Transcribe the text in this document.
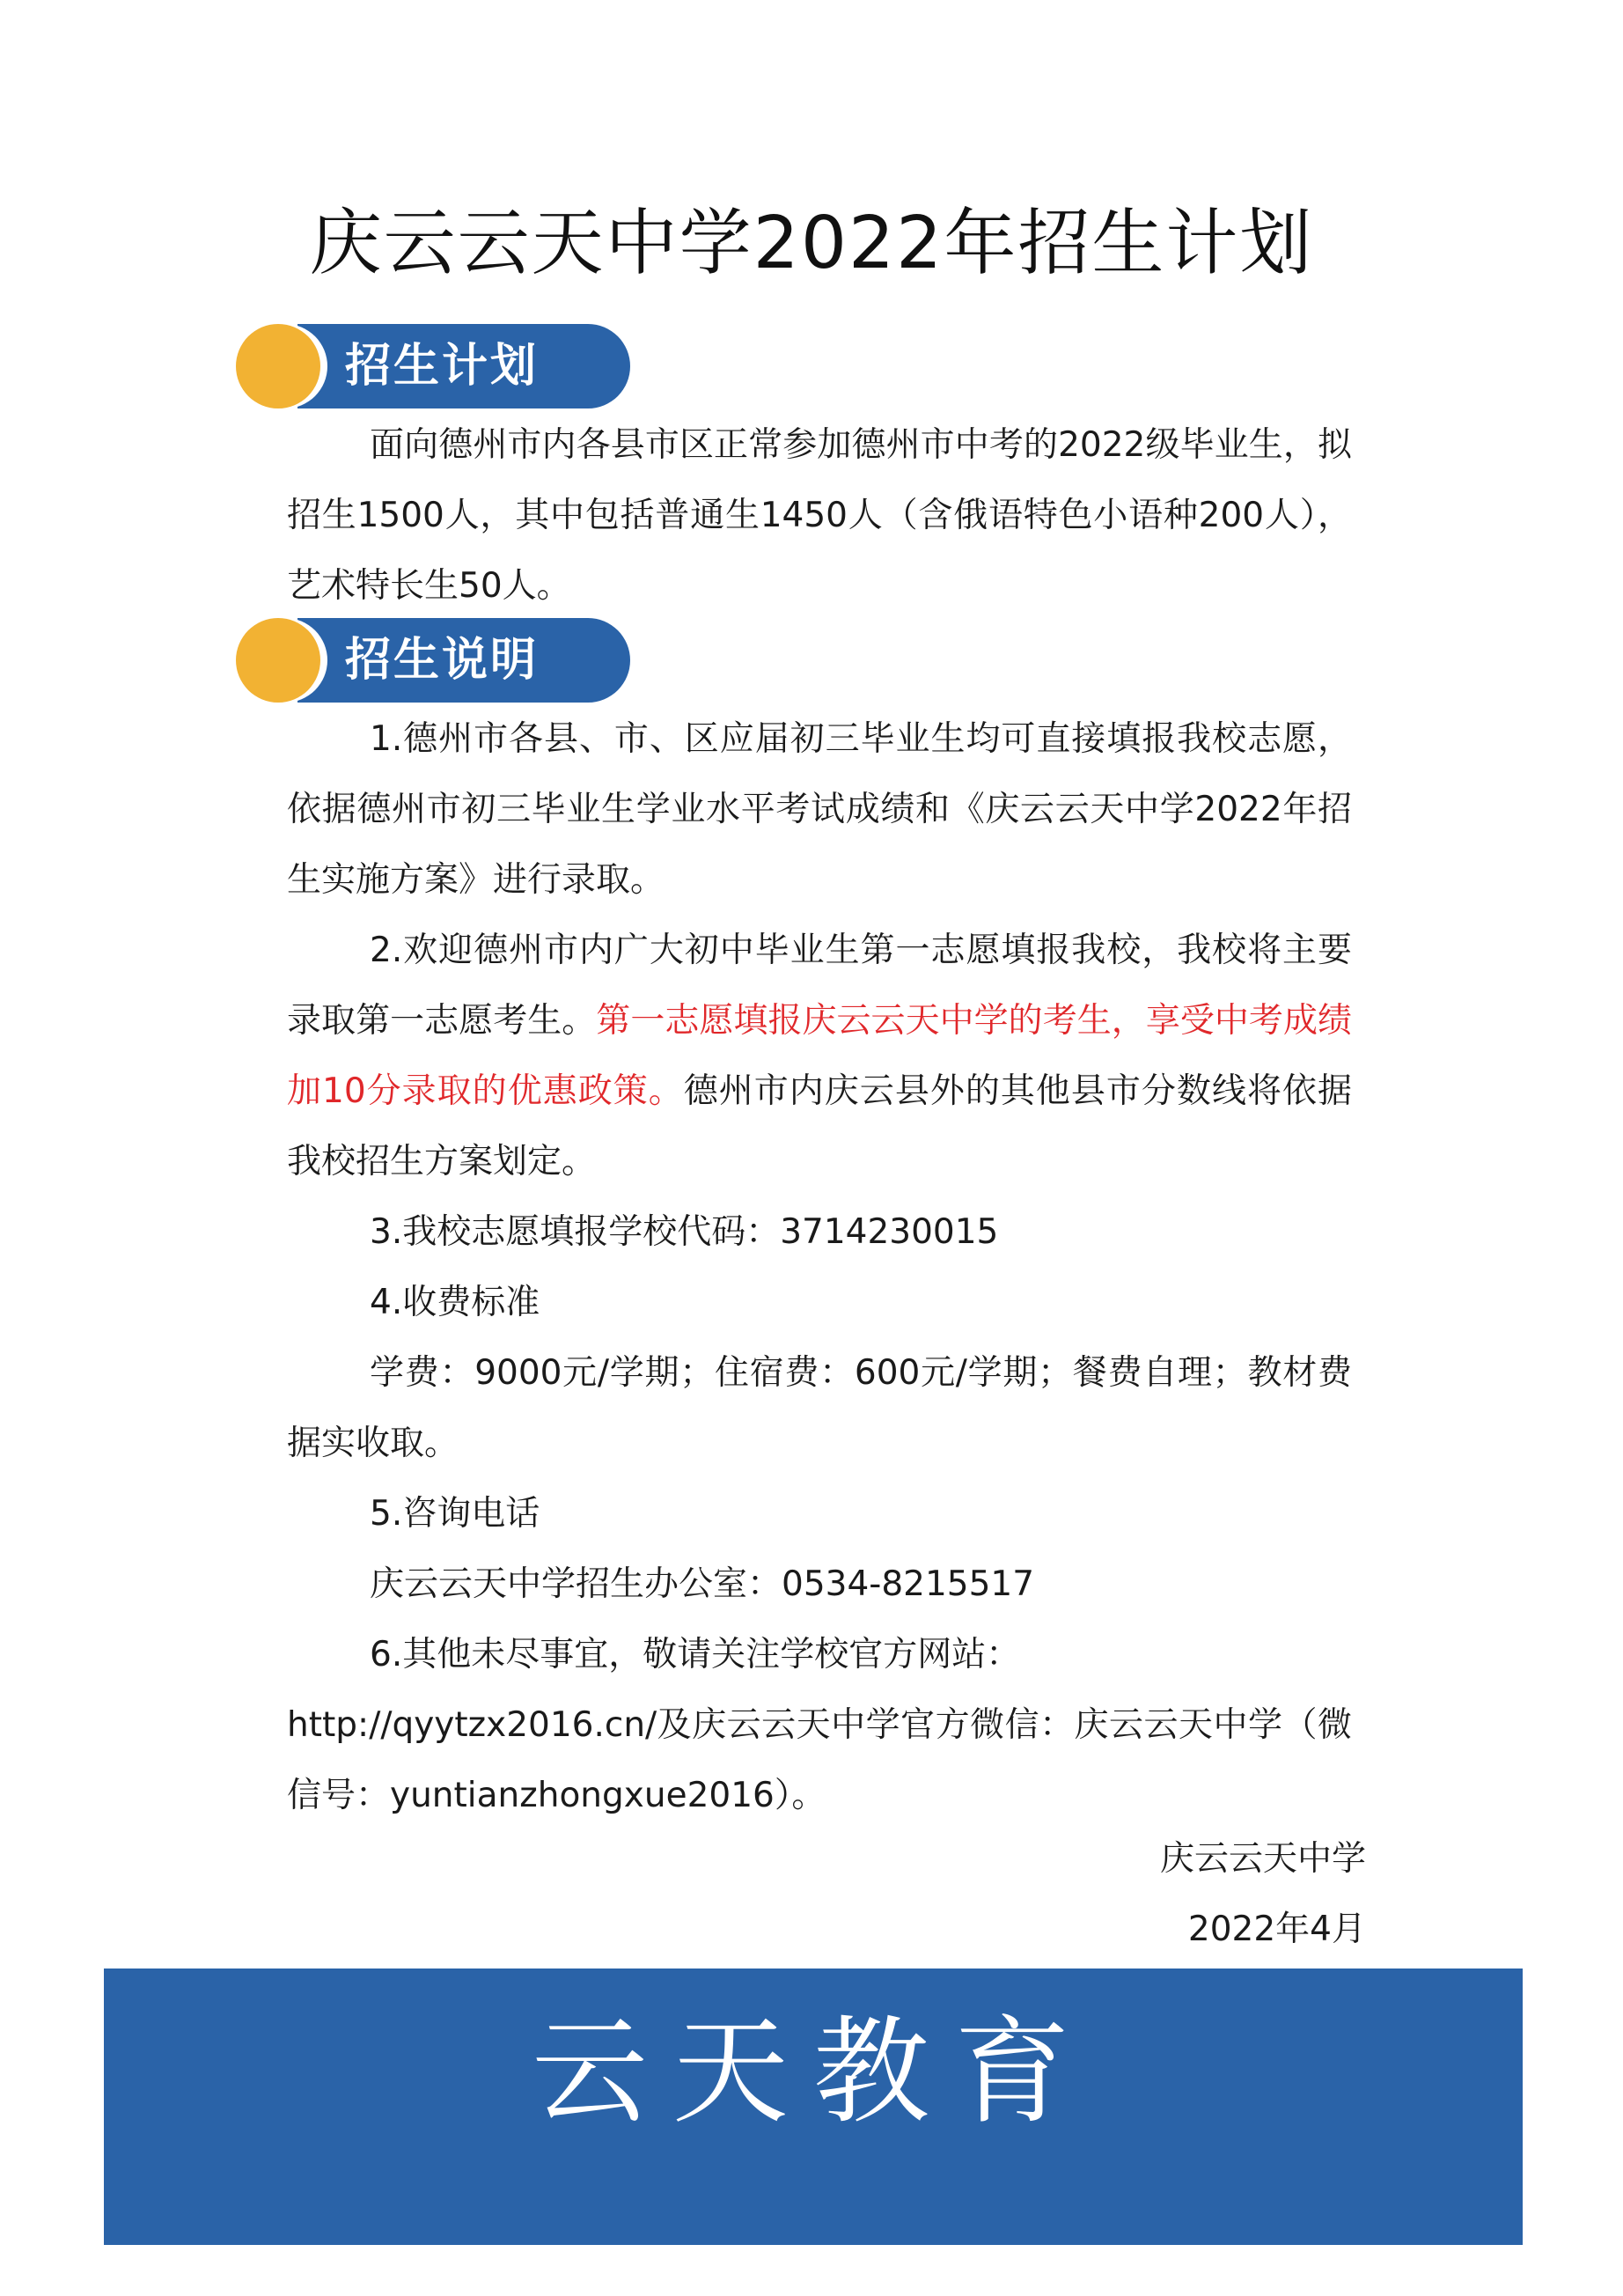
庆云云天中学2022年招生计划
招生计划

面向德州市内各县市区正常参加德州市中考的2022级毕业生，拟招生1500人，其中包括普通生1450人（含俄语特色小语种200人），艺术特长生50人。

招生说明

1.德州市各县、市、区应届初三毕业生均可直接填报我校志愿，依据德州市初三毕业生学业水平考试成绩和《庆云云天中学2022年招生实施方案》进行录取。

2.欢迎德州市内广大初中毕业生第一志愿填报我校，我校将主要录取第一志愿考生。第一志愿填报庆云云天中学的考生，享受中考成绩加10分录取的优惠政策。德州市内庆云县外的其他县市分数线将依据我校招生方案划定。

3.我校志愿填报学校代码：3714230015

4.收费标准

学费：9000元/学期；住宿费：600元/学期；餐费自理；教材费据实收取。

5.咨询电话

庆云云天中学招生办公室：0534-8215517

6.其他未尽事宜，敬请关注学校官方网站：

http://qyytzx2016.cn/及庆云云天中学官方微信：庆云云天中学（微信号：yuntianzhongxue2016）。

庆云云天中学
2022年4月
云天教育
